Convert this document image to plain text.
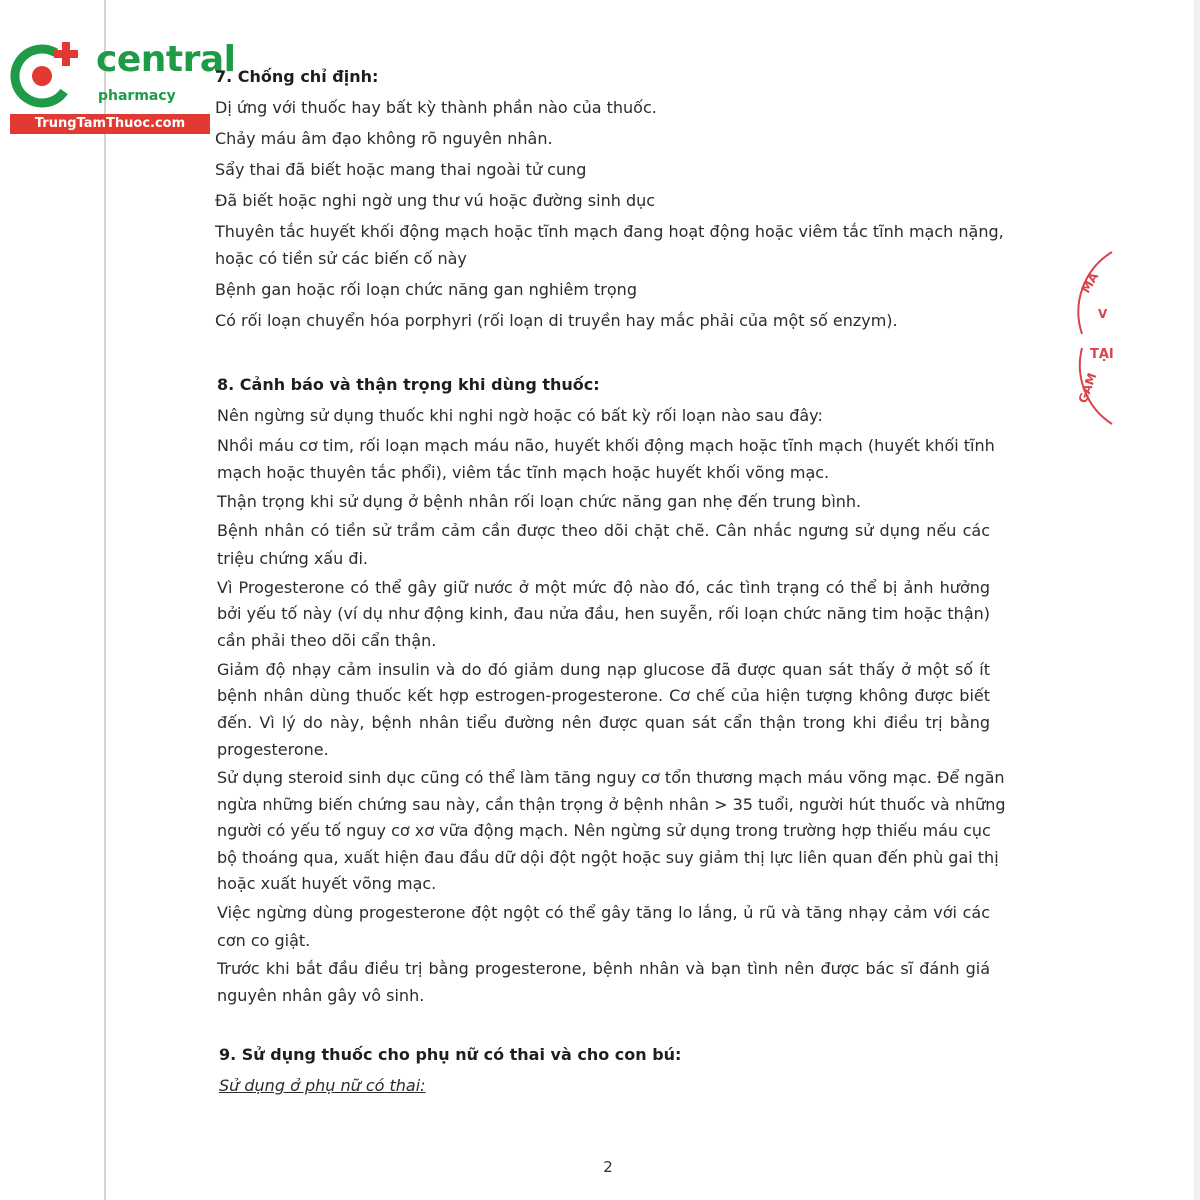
central
pharmacy
TrungTamThuoc.com
MA
V
TẠI
GAM
7. Chống chỉ định:
Dị ứng với thuốc hay bất kỳ thành phần nào của thuốc.
Chảy máu âm đạo không rõ nguyên nhân.
Sẩy thai đã biết hoặc mang thai ngoài tử cung
Đã biết hoặc nghi ngờ ung thư vú hoặc đường sinh dục
Thuyên tắc huyết khối động mạch hoặc tĩnh mạch đang hoạt động hoặc viêm tắc tĩnh mạch nặng,
hoặc có tiền sử các biến cố này
Bệnh gan hoặc rối loạn chức năng gan nghiêm trọng
Có rối loạn chuyển hóa porphyri (rối loạn di truyền hay mắc phải của một số enzym).
8. Cảnh báo và thận trọng khi dùng thuốc:
Nên ngừng sử dụng thuốc khi nghi ngờ hoặc có bất kỳ rối loạn nào sau đây:
Nhồi máu cơ tim, rối loạn mạch máu não, huyết khối động mạch hoặc tĩnh mạch (huyết khối tĩnh
mạch hoặc thuyên tắc phổi), viêm tắc tĩnh mạch hoặc huyết khối võng mạc.
Thận trọng khi sử dụng ở bệnh nhân rối loạn chức năng gan nhẹ đến trung bình.
Bệnh nhân có tiền sử trầm cảm cần được theo dõi chặt chẽ. Cân nhắc ngưng sử dụng nếu các
triệu chứng xấu đi.
Vì Progesterone có thể gây giữ nước ở một mức độ nào đó, các tình trạng có thể bị ảnh hưởng
bởi yếu tố này (ví dụ như động kinh, đau nửa đầu, hen suyễn, rối loạn chức năng tim hoặc thận)
cần phải theo dõi cẩn thận.
Giảm độ nhạy cảm insulin và do đó giảm dung nạp glucose đã được quan sát thấy ở một số ít
bệnh nhân dùng thuốc kết hợp estrogen-progesterone. Cơ chế của hiện tượng không được biết
đến. Vì lý do này, bệnh nhân tiểu đường nên được quan sát cẩn thận trong khi điều trị bằng
progesterone.
Sử dụng steroid sinh dục cũng có thể làm tăng nguy cơ tổn thương mạch máu võng mạc. Để ngăn
ngừa những biến chứng sau này, cần thận trọng ở bệnh nhân > 35 tuổi, người hút thuốc và những
người có yếu tố nguy cơ xơ vữa động mạch. Nên ngừng sử dụng trong trường hợp thiếu máu cục
bộ thoáng qua, xuất hiện đau đầu dữ dội đột ngột hoặc suy giảm thị lực liên quan đến phù gai thị
hoặc xuất huyết võng mạc.
Việc ngừng dùng progesterone đột ngột có thể gây tăng lo lắng, ủ rũ và tăng nhạy cảm với các
cơn co giật.
Trước khi bắt đầu điều trị bằng progesterone, bệnh nhân và bạn tình nên được bác sĩ đánh giá
nguyên nhân gây vô sinh.
9. Sử dụng thuốc cho phụ nữ có thai và cho con bú:
Sử dụng ở phụ nữ có thai:
2
